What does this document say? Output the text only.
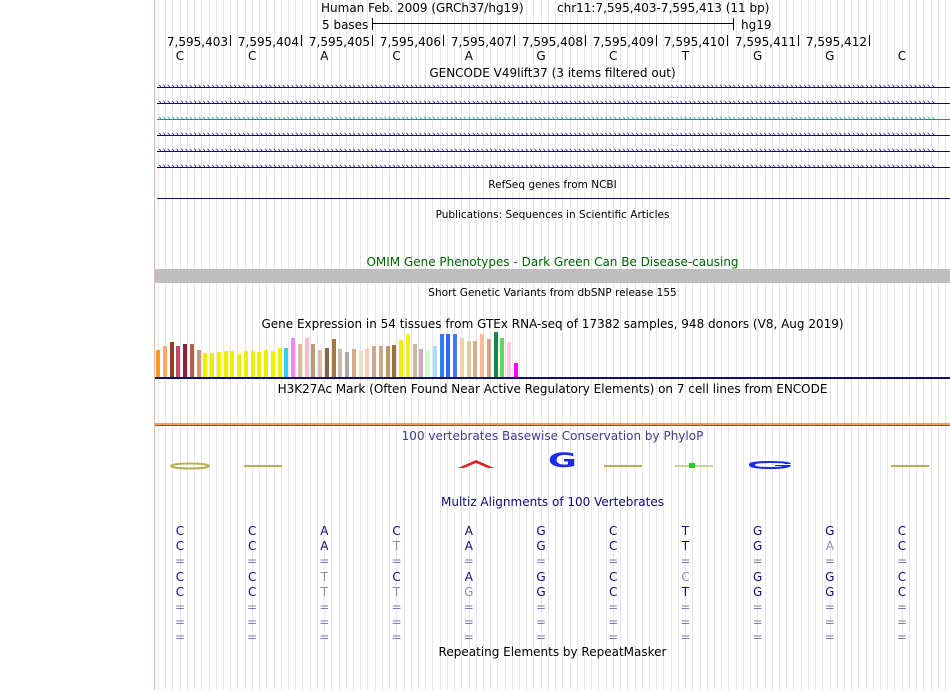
Human Feb. 2009 (GRCh37/hg19)	chr11:7,595,403-7,595,413 (11 bp)
5 bases	hg19
7,595,403 7,595,404 7,595,405 7,595,406 7,595,407 7,595,408 7,595,409 7,595,410 7,595,411 7,595,412
C	C	A	C	A	G	C	T	G	G	C
GENCODE V49lift37 (3 items filtered out)
››››››››››››››››››››››››››››››››››››››››››››››››››››››››››››››››››››››››››››››››››››››››››››››››››››››››››››››››››››››››››››››››››››››››››››››››››››››››››››››››››››››››››››››››
››››››››››››››››››››››››››››››››››››››››››››››››››››››››››››››››››››››››››››››››››››››››››››››››››››››››››››››››››››››››››››››››››››››››››››››››››››››››››››››››››››››››››››››››
››››››››››››››››››››››››››››››››››››››››››››››››››››››››››››››››››››››››››››››››››››››››››››››››››››››››››››››››››››››››››››››››››››››››››››››››››››››››››››››››››››››››››››››››
››››››››››››››››››››››››››››››››››››››››››››››››››››››››››››››››››››››››››››››››››››››››››››››››››››››››››››››››››››››››››››››››››››››››››››››››››››››››››››››››››››››››››››››››
››››››››››››››››››››››››››››››››››››››››››››››››››››››››››››››››››››››››››››››››››››››››››››››››››››››››››››››››››››››››››››››››››››››››››››››››››››››››››››››››››››››››››››››››
››››››››››››››››››››››››››››››››››››››››››››››››››››››››››››››››››››››››››››››››››››››››››››››››››››››››››››››››››››››››››››››››››››››››››››››››››››››››››››››››››››››››››››››››
RefSeq genes from NCBI
Publications: Sequences in Scientific Articles
OMIM Gene Phenotypes - Dark Green Can Be Disease-causing
Short Genetic Variants from dbSNP release 155
Gene Expression in 54 tissues from GTEx RNA-seq of 17382 samples, 948 donors (V8, Aug 2019)
H3K27Ac Mark (Often Found Near Active Regulatory Elements) on 7 cell lines from ENCODE
100 vertebrates Basewise Conservation by PhyloP
G
Multiz Alignments of 100 Vertebrates
C	C	A	C	A	G	C	T	G	G	C
C	C	A	T	A	G	C	T	G	A	C
=	=	=	=	=	=	=	=	=	=	=
C	C	T	C	A	G	C	C	G	G	C
C	C	T	T	G	G	C	T	G	G	C
=	=	=	=	=	=	=	=	=	=	=
=	=	=	=	=	=	=	=	=	=	=
=	=	=	=	=	=	=	=	=	=	=
Repeating Elements by RepeatMasker
